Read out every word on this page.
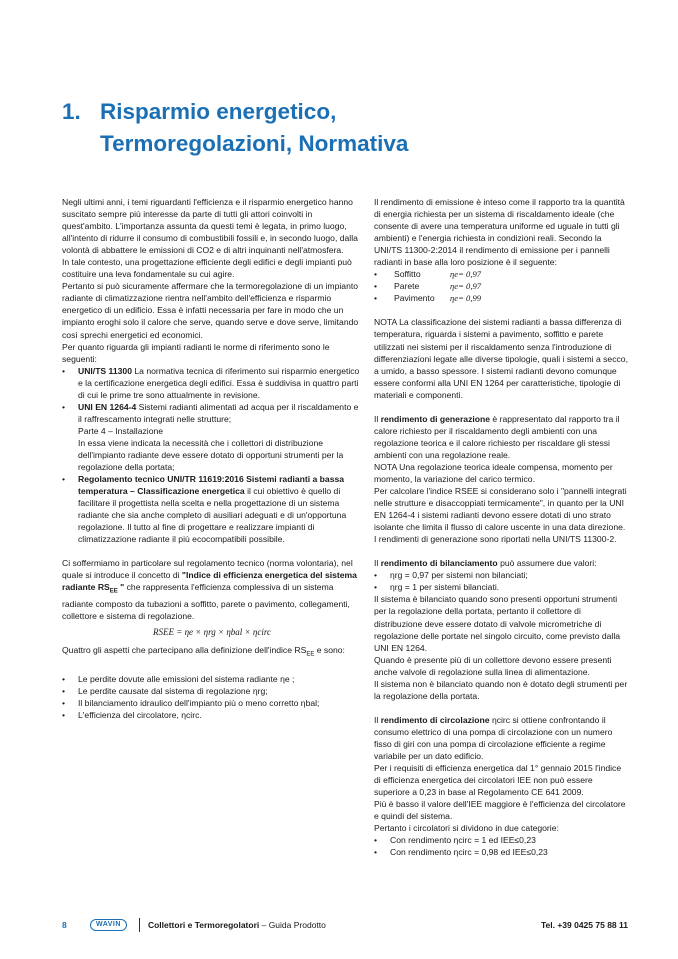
1. Risparmio energetico,
Termoregolazioni, Normativa

Negli ultimi anni, i temi riguardanti l'efficienza e il risparmio energetico hanno suscitato sempre più interesse da parte di tutti gli attori coinvolti in quest'ambito. L'importanza assunta da questi temi è legata, in primo luogo, all'intento di ridurre il consumo di combustibili fossili e, in secondo luogo, dalla volontà di abbattere le emissioni di CO2 e di altri inquinanti nell'atmosfera.

In tale contesto, una progettazione efficiente degli edifici e degli impianti può costituire una leva fondamentale su cui agire.

Pertanto si può sicuramente affermare che la termoregolazione di un impianto radiante di climatizzazione rientra nell'ambito dell'efficienza e risparmio energetico di un edificio. Essa è infatti necessaria per fare in modo che un impianto eroghi solo il calore che serve, quando serve e dove serve, limitando così sprechi energetici ed economici.

Per quanto riguarda gli impianti radianti le norme di riferimento sono le seguenti:

•	UNI/TS 11300 La normativa tecnica di riferimento sui risparmio energetico e la certificazione energetica degli edifici. Essa è suddivisa in quattro parti di cui le prime tre sono attualmente in revisione.
•	UNI EN 1264-4 Sistemi radianti alimentati ad acqua per il riscaldamento e il raffrescamento integrati nelle strutture;
Parte 4 – Installazione
In essa viene indicata la necessità che i collettori di distribuzione dell'impianto radiante deve essere dotato di opportuni strumenti per la regolazione della portata;
•	Regolamento tecnico UNI/TR 11619:2016 Sistemi radianti a bassa temperatura – Classificazione energetica il cui obiettivo è quello di facilitare il progettista nella scelta e nella progettazione di un sistema radiante che sia anche completo di ausiliari adeguati e di un'opportuna regolazione. Il tutto al fine di progettare e realizzare impianti di climatizzazione radiante il più ecocompatibili possibile.

Ci soffermiamo in particolare sul regolamento tecnico (norma volontaria), nel quale si introduce il concetto di "Indice di efficienza energetica del sistema radiante $RS_{EE}$ " che rappresenta l'efficienza complessiva di un sistema radiante composto da tubazioni a soffitto, parete o pavimento, collegamenti, collettore e sistema di regolazione.

RSEE = ηe × ηrg × ηbal × ηcirc

Quattro gli aspetti che partecipano alla definizione dell'indice $RS_{EE}$ e sono:

•	Le perdite dovute alle emissioni del sistema radiante ηe ;
•	Le perdite causate dal sistema di regolazione ηrg;
•	Il bilanciamento idraulico dell'impianto più o meno corretto ηbal;
•	L'efficienza del circolatore, ηcirc.

Il rendimento di emissione è inteso come il rapporto tra la quantità di energia richiesta per un sistema di riscaldamento ideale (che consente di avere una temperatura uniforme ed uguale in tutti gli ambienti) e l'energia richiesta in condizioni reali. Secondo la UNI/TS 11300-2:2014 il rendimento di emissione per i pannelli radianti in base alla loro posizione è il seguente:

•	Soffitto	ηe= 0,97
•	Parete	ηe= 0,97
•	Pavimento	ηe= 0,99

NOTA La classificazione dei sistemi radianti a bassa differenza di temperatura, riguarda i sistemi a pavimento, soffitto e parete utilizzati nei sistemi per il riscaldamento senza l'introduzione di differenziazioni legate alle diverse tipologie, quali i sistemi a secco, a umido, a basso spessore. I sistemi radianti devono comunque essere conformi alla UNI EN 1264 per caratteristiche, tipologie di materiali e componenti.

Il rendimento di generazione è rappresentato dal rapporto tra il calore richiesto per il riscaldamento degli ambienti con una regolazione teorica e il calore richiesto per riscaldare gli stessi ambienti con una regolazione reale.

NOTA Una regolazione teorica ideale compensa, momento per momento, la variazione del carico termico.

Per calcolare l'indice RSEE si considerano solo i "pannelli integrati nelle strutture e disaccoppiati termicamente", in quanto per la UNI EN 1264-4 i sistemi radianti devono essere dotati di uno strato isolante che limita il flusso di calore uscente in una data direzione. I rendimenti di generazione sono riportati nella UNI/TS 11300-2.

Il rendimento di bilanciamento può assumere due valori:

•	ηrg = 0,97 per sistemi non bilanciati;
•	ηrg = 1 per sistemi bilanciati.

Il sistema è bilanciato quando sono presenti opportuni strumenti per la regolazione della portata, pertanto il collettore di distribuzione deve essere dotato di valvole micrometriche di regolazione delle portate nel singolo circuito, come previsto dalla UNI EN 1264.

Quando è presente più di un collettore devono essere presenti anche valvole di regolazione sulla linea di alimentazione.

Il sistema non è bilanciato quando non è dotato degli strumenti per la regolazione della portata.

Il rendimento di circolazione ηcirc si ottiene confrontando il consumo elettrico di una pompa di circolazione con un numero fisso di giri con una pompa di circolazione efficiente a regime variabile per un dato edificio.

Per i requisiti di efficienza energetica dal 1° gennaio 2015 l'indice di efficienza energetica dei circolatori IEE non può essere superiore a 0,23 in base al Regolamento CE 641 2009.

Più è basso il valore dell'IEE maggiore è l'efficienza del circolatore e quindi del sistema.

Pertanto i circolatori si dividono in due categorie:

•	Con rendimento ηcirc = 1 ed IEE≤0,23
•	Con rendimento ηcirc = 0,98 ed IEE≤0,23
8	WAVIN	Collettori e Termoregolatori – Guida Prodotto	Tel. +39 0425 75 88 11
